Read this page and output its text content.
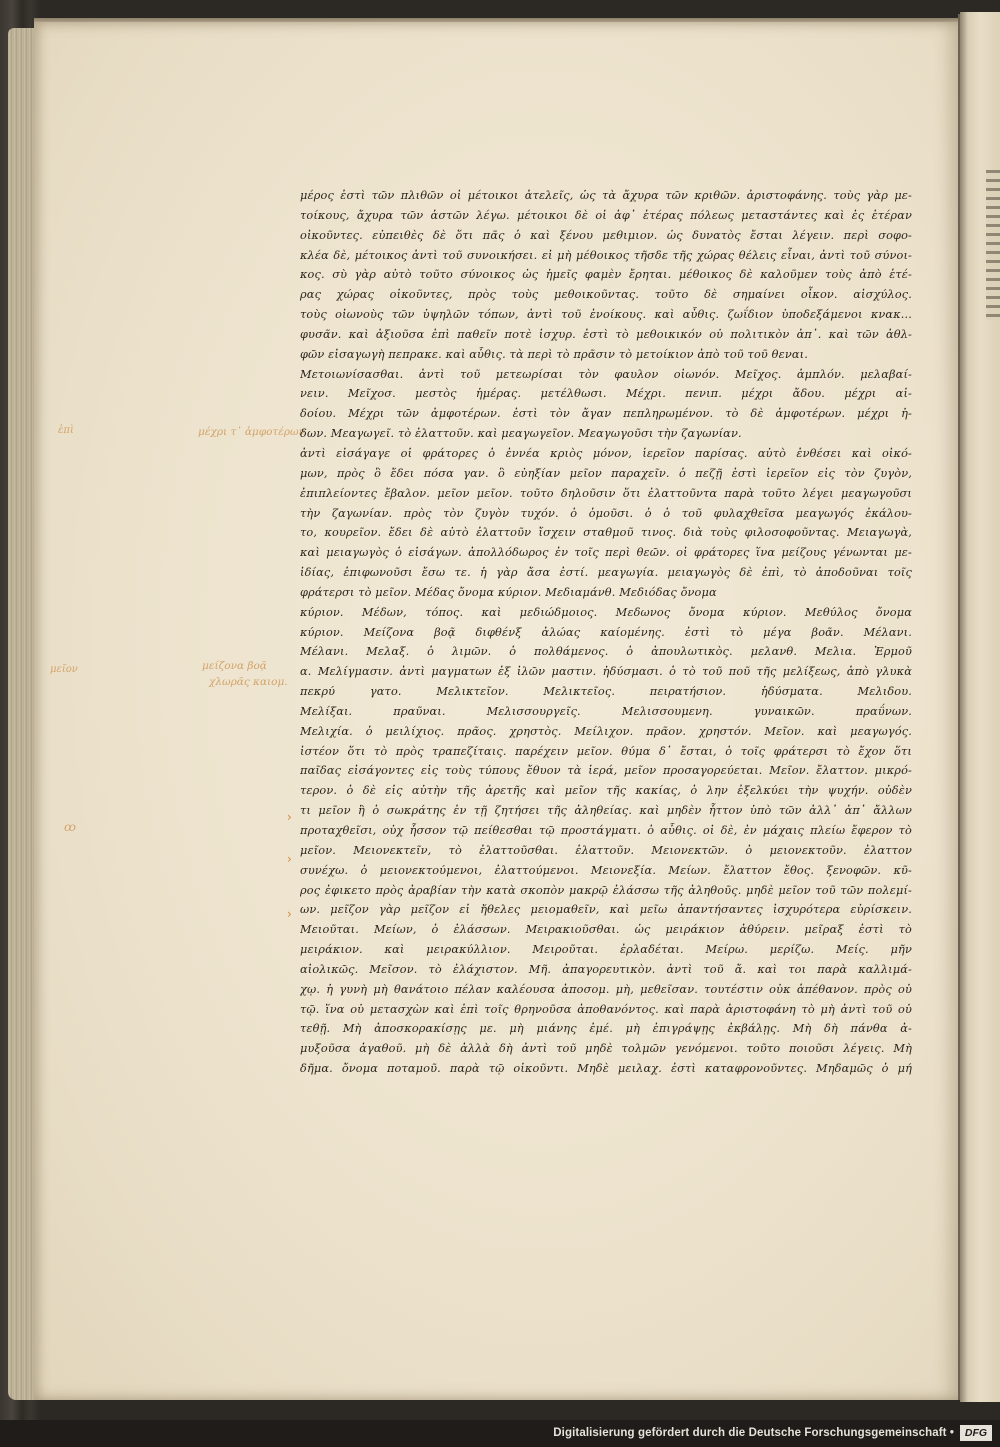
μέχρι τ᾿ ἀμφοτέρων
ἐπὶ
μείζονα βοᾷ
χλωρᾶς καιομ.
μεῖον
ꝏ
›
›
›
μέρος ἐστὶ τῶν πλιθῶν οἱ μέτοικοι ἀτελεῖς, ὡς τὰ ἄχυρα τῶν κριθῶν. ἀριστοφάνης. τοὺς γὰρ με-
τοίκους, ἄχυρα τῶν ἀστῶν λέγω. μέτοικοι δὲ οἱ ἀφ᾿ ἑτέρας πόλεως μεταστάντες καὶ ἐς ἑτέραν
οἰκοῦντες. εὐπειθὲς δὲ ὅτι πᾶς ὁ καὶ ξένου μεθιμιον. ὡς δυνατὸς ἔσται λέγειν. περὶ σοφο-
κλέα δὲ, μέτοικος ἀντὶ τοῦ συνοικήσει. εἰ μὴ μέθοικος τῆσδε τῆς χώρας θέλεις εἶναι, ἀντὶ τοῦ σύνοι-
κος. σὺ γὰρ αὐτὸ τοῦτο σύνοικος ὡς ἡμεῖς φαμὲν ἔρηται. μέθοικος δὲ καλοῦμεν τοὺς ἀπὸ ἑτέ-
ρας χώρας οἰκοῦντες, πρὸς τοὺς μεθοικοῦντας. τοῦτο δὲ σημαίνει οἶκον. αἰσχύλος.
τοὺς οἰωνοὺς τῶν ὑψηλῶν τόπων, ἀντὶ τοῦ ἐνοίκους. καὶ αὖθις. ζωΐδιον ὑποδεξάμενοι κνακ...
φυσᾶν. καὶ ἀξιοῦσα ἐπὶ παθεῖν ποτὲ ἰσχυρ. ἐστὶ τὸ μεθοικικόν οὐ πολιτικὸν ἀπ᾿. καὶ τῶν ἀθλ-
φῶν εἰσαγωγὴ πεπρακε. καὶ αὖθις. τὰ περὶ τὸ πρᾶσιν τὸ μετοίκιον ἀπὸ τοῦ τοῦ θεναι.
Μετοιωνίσασθαι. ἀντὶ τοῦ μετεωρίσαι τὸν φαυλον οἰωνόν. Μεῖχος. ἀμπλόν. μελαβαί-
νειν. Μεῖχοσ. μεστὸς ἡμέρας. μετέλθωσι. Μέχρι. πενιπ. μέχρι ἄδου. μέχρι αἰ-
δοίου. Μέχρι τῶν ἀμφοτέρων. ἐστὶ τὸν ἄγαν πεπληρωμένον. τὸ δὲ ἀμφοτέρων. μέχρι ἡ-
δων. Μεαγωγεῖ. τὸ ἐλαττοῦν. καὶ μεαγωγεῖον. Μεαγωγοῦσι τὴν ζαγωνίαν.
ἀντὶ εἰσάγαγε οἱ φράτορες ὁ ἐννέα κριὸς μόνον, ἱερεῖον παρίσας. αὐτὸ ἐνθέσει καὶ οἰκό-
μων, πρὸς ὃ ἔδει πόσα γαν. ὃ εὐηξίαν μεῖον παραχεῖν. ὁ πεζῇ ἐστὶ ἱερεῖον εἰς τὸν ζυγὸν,
ἐπιπλείοντες ἔβαλον. μεῖον μεῖον. τοῦτο δηλοῦσιν ὅτι ἐλαττοῦντα παρὰ τοῦτο λέγει μεαγωγοῦσι
τὴν ζαγωνίαν. πρὸς τὸν ζυγὸν τυχόν. ὁ ὁμοῦσι. ὁ ὁ τοῦ φυλαχθεῖσα μεαγωγός ἐκάλου-
το, κουρεῖον. ἔδει δὲ αὐτὸ ἐλαττοῦν ἴσχειν σταθμοῦ τινος. διὰ τοὺς φιλοσοφοῦντας. Μειαγωγὰ,
καὶ μειαγωγὸς ὁ εἰσάγων. ἀπολλόδωρος ἐν τοῖς περὶ θεῶν. οἱ φράτορες ἵνα μείζους γένωνται με-
ἰδίας, ἐπιφωνοῦσι ἔσω τε. ἡ γὰρ ἄσα ἐστί. μεαγωγία. μειαγωγὸς δὲ ἐπὶ, τὸ ἀποδοῦναι τοῖς
φράτερσι τὸ μεῖον. Μέδας ὄνομα κύριον. Μεδιαμάνθ. Μεδιόδας ὄνομα
κύριον. Μέδων, τόπος. καὶ μεδιώδμοιος. Μεδωνος ὄνομα κύριον. Μεθύλος ὄνομα
κύριον. Μείζονα βοᾷ διφθένξ ἀλώας καίομένης. ἐστὶ τὸ μέγα βοᾶν. Μέλανι.
Μέλανι. Μελαξ. ὁ λιμῶν. ὁ πολθάμενος. ὁ ἀπουλωτικὸς. μελανθ. Μελια. Ἑρμοῦ
α. Μελίγμασιν. ἀντὶ μαγματων ἐξ ἰλῶν μαστιν. ἡδύσμασι. ὁ τὸ τοῦ ποῦ τῆς μελίξεως, ἀπὸ γλυκὰ
πεκρύ γατο. Μελικτεῖον. Μελικτεῖος. πειρατήσιον. ἡδύσματα. Μελιδου.
Μελίξαι. πραῦναι. Μελισσουργεῖς. Μελισσουμενη. γυναικῶν. πραΰνων.
Μελιχία. ὁ μειλίχιος. πρᾶος. χρηστὸς. Μείλιχον. πρᾶον. χρηστόν. Μεῖον. καὶ μεαγωγός.
ἱστέον ὅτι τὸ πρὸς τραπεζίταις. παρέχειν μεῖον. θύμα δ᾿ ἔσται, ὁ τοῖς φράτερσι τὸ ἔχον ὅτι
παῖδας εἰσάγοντες εἰς τοὺς τύπους ἔθυον τὰ ἱερά, μεῖον προσαγορεύεται. Μεῖον. ἔλαττον. μικρό-
τερον. ὁ δὲ εἰς αὐτὴν τῆς ἀρετῆς καὶ μεῖον τῆς κακίας, ὁ λην ἐξελκύει τὴν ψυχήν. οὐδὲν
τι μεῖον ἢ ὁ σωκράτης ἐν τῇ ζητήσει τῆς ἀληθείας. καὶ μηδὲν ἧττον ὑπὸ τῶν ἀλλ᾿ ἀπ᾿ ἄλλων
προταχθεῖσι, οὐχ ἧσσον τῷ πείθεσθαι τῷ προστάγματι. ὁ αὖθις. οἱ δὲ, ἐν μάχαις πλείω ἔφερον τὸ
μεῖον. Μειονεκτεῖν, τὸ ἐλαττοῦσθαι. ἐλαττοῦν. Μειονεκτῶν. ὁ μειονεκτοῦν. ἐλαττον
συνέχω. ὁ μειονεκτούμενοι, ἐλαττούμενοι. Μειονεξία. Μείων. ἔλαττον ἔθος. ξενοφῶν. κῦ-
ρος ἐφικετο πρὸς ἀραβίαν τὴν κατὰ σκοπὸν μακρῷ ἐλάσσω τῆς ἀληθοῦς. μηδὲ μεῖον τοῦ τῶν πολεμί-
ων. μεῖζον γὰρ μεῖζον εἰ ἤθελες μειομαθεῖν, καὶ μεῖω ἀπαντήσαντες ἰσχυρότερα εὑρίσκειν.
Μειοῦται. Μείων, ὁ ἐλάσσων. Μειρακιοῦσθαι. ὡς μειράκιον ἀθύρειν. μεῖραξ ἐστὶ τὸ
μειράκιον. καὶ μειρακύλλιον. Μειροῦται. ἐρλαδέται. Μείρω. μερίζω. Μείς. μῆν
αἰολικῶς. Μεῖσον. τὸ ἐλάχιστον. Μῆ. ἀπαγορευτικὸν. ἀντὶ τοῦ ἄ. καὶ τοι παρὰ καλλιμά-
χῳ. ἡ γυνὴ μὴ θανάτοιο πέλαν καλέουσα ἀποσομ. μὴ, μεθεῖσαν. τουτέστιν οὐκ ἀπέθανον. πρὸς οὐ
τῷ. ἵνα οὐ μετασχὼν καὶ ἐπὶ τοῖς θρηνοῦσα ἀποθανόντος. καὶ παρὰ ἀριστοφάνη τὸ μὴ ἀντὶ τοῦ οὐ
τεθῇ. Μὴ ἀποσκορακίσῃς με. μὴ μιάνης ἐμέ. μὴ ἐπιγράψῃς ἐκβάλῃς. Μὴ δὴ πάνθα ἀ-
μυξοῦσα ἀγαθοῦ. μὴ δὲ ἀλλὰ δὴ ἀντὶ τοῦ μηδὲ τολμῶν γενόμενοι. τοῦτο ποιοῦσι λέγεις. Μὴ
δῆμα. ὄνομα ποταμοῦ. παρὰ τῷ οἰκοῦντι. Μηδὲ μειλαχ. ἐστὶ καταφρονοῦντες. Μηδαμῶς ὁ μή
Digitalisierung gefördert durch die Deutsche Forschungsgemeinschaft •	DFG
